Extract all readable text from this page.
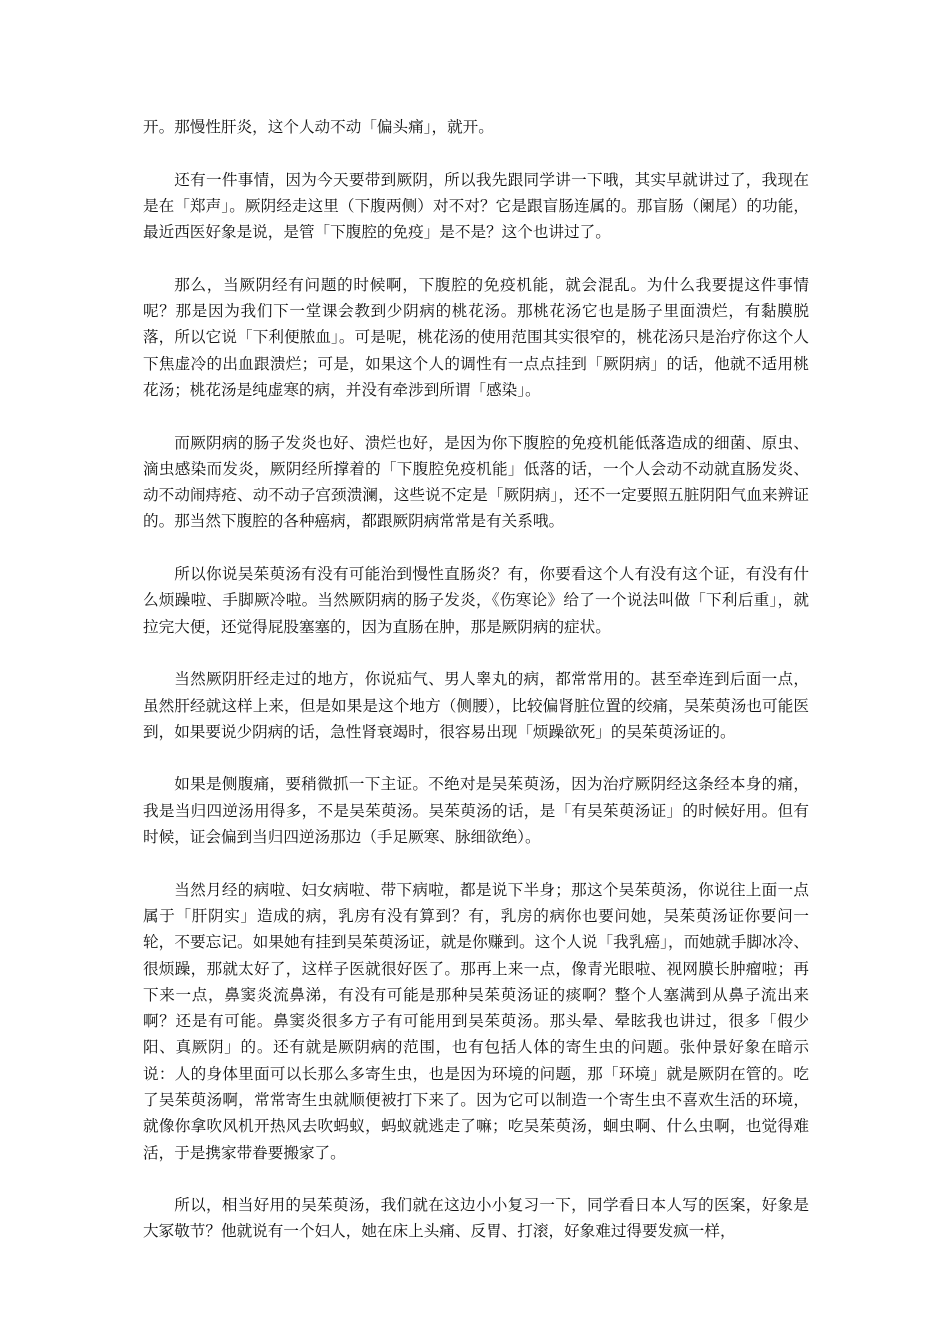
开。那慢性肝炎，这个人动不动「偏头痛」，就开。

还有一件事情，因为今天要带到厥阴，所以我先跟同学讲一下哦，其实早就讲过了，我现在是在「郑声」。厥阴经走这里（下腹两侧）对不对？它是跟盲肠连属的。那盲肠（阑尾）的功能，最近西医好象是说，是管「下腹腔的免疫」是不是？这个也讲过了。

那么，当厥阴经有问题的时候啊，下腹腔的免疫机能，就会混乱。为什么我要提这件事情呢？那是因为我们下一堂课会教到少阴病的桃花汤。那桃花汤它也是肠子里面溃烂，有黏膜脱落，所以它说「下利便脓血」。可是呢，桃花汤的使用范围其实很窄的，桃花汤只是治疗你这个人下焦虚冷的出血跟溃烂；可是，如果这个人的调性有一点点挂到「厥阴病」的话，他就不适用桃花汤；桃花汤是纯虚寒的病，并没有牵涉到所谓「感染」。

而厥阴病的肠子发炎也好、溃烂也好，是因为你下腹腔的免疫机能低落造成的细菌、原虫、滴虫感染而发炎，厥阴经所撑着的「下腹腔免疫机能」低落的话，一个人会动不动就直肠发炎、动不动闹痔疮、动不动子宫颈溃澜，这些说不定是「厥阴病」，还不一定要照五脏阴阳气血来辨证的。那当然下腹腔的各种癌病，都跟厥阴病常常是有关系哦。

所以你说吴茱萸汤有没有可能治到慢性直肠炎？有，你要看这个人有没有这个证，有没有什么烦躁啦、手脚厥冷啦。当然厥阴病的肠子发炎，《伤寒论》给了一个说法叫做「下利后重」，就拉完大便，还觉得屁股塞塞的，因为直肠在肿，那是厥阴病的症状。

当然厥阴肝经走过的地方，你说疝气、男人睾丸的病，都常常用的。甚至牵连到后面一点，虽然肝经就这样上来，但是如果是这个地方（侧腰），比较偏肾脏位置的绞痛，吴茱萸汤也可能医到，如果要说少阴病的话，急性肾衰竭时，很容易出现「烦躁欲死」的吴茱萸汤证的。

如果是侧腹痛，要稍微抓一下主证。不绝对是吴茱萸汤，因为治疗厥阴经这条经本身的痛，我是当归四逆汤用得多，不是吴茱萸汤。吴茱萸汤的话，是「有吴茱萸汤证」的时候好用。但有时候，证会偏到当归四逆汤那边（手足厥寒、脉细欲绝）。

当然月经的病啦、妇女病啦、带下病啦，都是说下半身；那这个吴茱萸汤，你说往上面一点属于「肝阴实」造成的病，乳房有没有算到？有，乳房的病你也要问她，吴茱萸汤证你要问一轮，不要忘记。如果她有挂到吴茱萸汤证，就是你赚到。这个人说「我乳癌」，而她就手脚冰冷、很烦躁，那就太好了，这样子医就很好医了。那再上来一点，像青光眼啦、视网膜长肿瘤啦；再下来一点，鼻窦炎流鼻涕，有没有可能是那种吴茱萸汤证的痰啊？整个人塞满到从鼻子流出来啊？还是有可能。鼻窦炎很多方子有可能用到吴茱萸汤。那头晕、晕眩我也讲过，很多「假少阳、真厥阴」的。还有就是厥阴病的范围，也有包括人体的寄生虫的问题。张仲景好象在暗示说：人的身体里面可以长那么多寄生虫，也是因为环境的问题，那「环境」就是厥阴在管的。吃了吴茱萸汤啊，常常寄生虫就顺便被打下来了。因为它可以制造一个寄生虫不喜欢生活的环境，就像你拿吹风机开热风去吹蚂蚁，蚂蚁就逃走了嘛；吃吴茱萸汤，蛔虫啊、什么虫啊，也觉得难活，于是携家带眷要搬家了。

所以，相当好用的吴茱萸汤，我们就在这边小小复习一下，同学看日本人写的医案，好象是大冢敬节？他就说有一个妇人，她在床上头痛、反胃、打滚，好象难过得要发疯一样，
